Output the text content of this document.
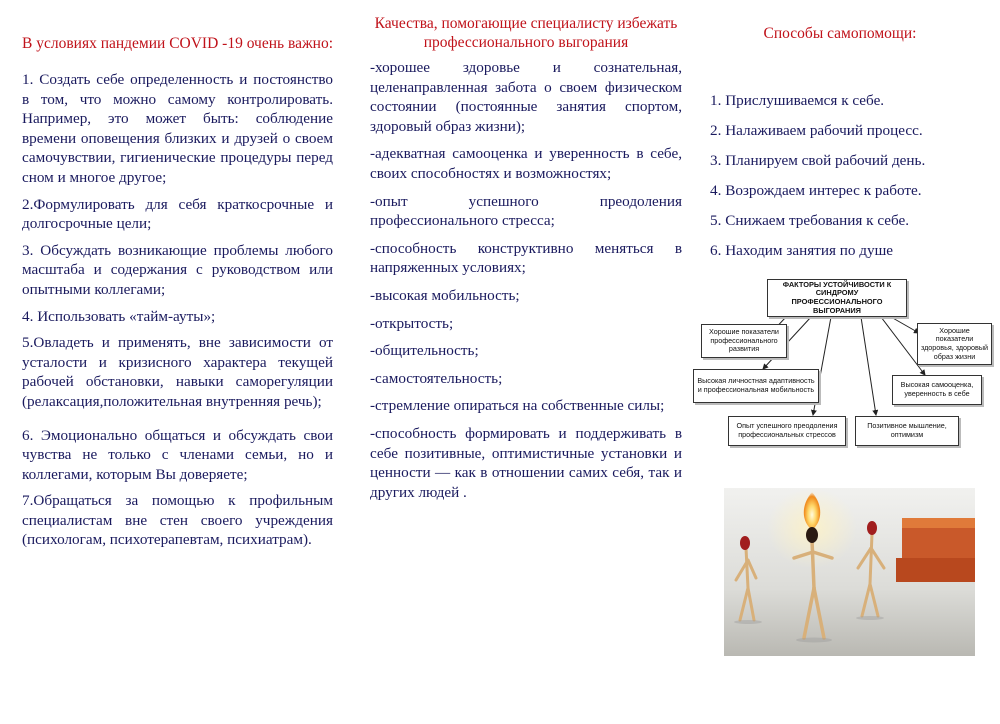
В условиях пандемии COVID -19 очень важно:

1. Создать себе определенность и постоянство в том, что можно самому контролировать. Например, это может быть: соблюдение времени оповещения близких и друзей о своем самочувствии, гигиенические процедуры перед сном и многое другое;

2.Формулировать для себя краткосрочные и долгосрочные цели;

3. Обсуждать возникающие проблемы любого масштаба и содержания с руководством или опытными коллегами;

4. Использовать «тайм-ауты»;

5.Овладеть и применять, вне зависимости от усталости и кризисного характера текущей рабочей обстановки, навыки саморегуляции (релаксация,положительная внутренняя речь);

6. Эмоционально общаться и обсуждать свои чувства не только с членами семьи, но и коллегами, которым Вы доверяете;

7.Обращаться за помощью к профильным специалистам вне стен своего учреждения (психологам, психотерапевтам, психиатрам).

Качества, помогающие специалисту избежать профессионального выгорания

-хорошее здоровье и сознательная, целенаправленная забота о своем физическом состоянии (постоянные занятия спортом, здоровый образ жизни);

-адекватная самооценка и уверенность в себе, своих способностях и возможностях;

-опыт успешного преодоления профессионального стресса;

-способность конструктивно меняться в напряженных условиях;

-высокая мобильность;

-открытость;

-общительность;

-самостоятельность;

-стремление опираться на собственные силы;

-способность формировать и поддерживать в себе позитивные, оптимистичные установки и ценности — как в отношении самих себя, так и других людей .

Способы самопомощи:
1. Прислушиваемся к себе.
2. Налаживаем рабочий процесс.
3. Планируем свой рабочий день.
4. Возрождаем интерес к работе.
5. Снижаем требования к себе.
6. Находим занятия по душе
ФАКТОРЫ УСТОЙЧИВОСТИ К СИНДРОМУ ПРОФЕССИОНАЛЬНОГО ВЫГОРАНИЯ
Хорошие показатели профессионального развития
Высокая личностная адаптивность и профессиональная мобильность
Опыт успешного преодоления профессиональных стрессов
Позитивное мышление, оптимизм
Высокая самооценка, уверенность в себе
Хорошие показатели здоровья, здоровый образ жизни
